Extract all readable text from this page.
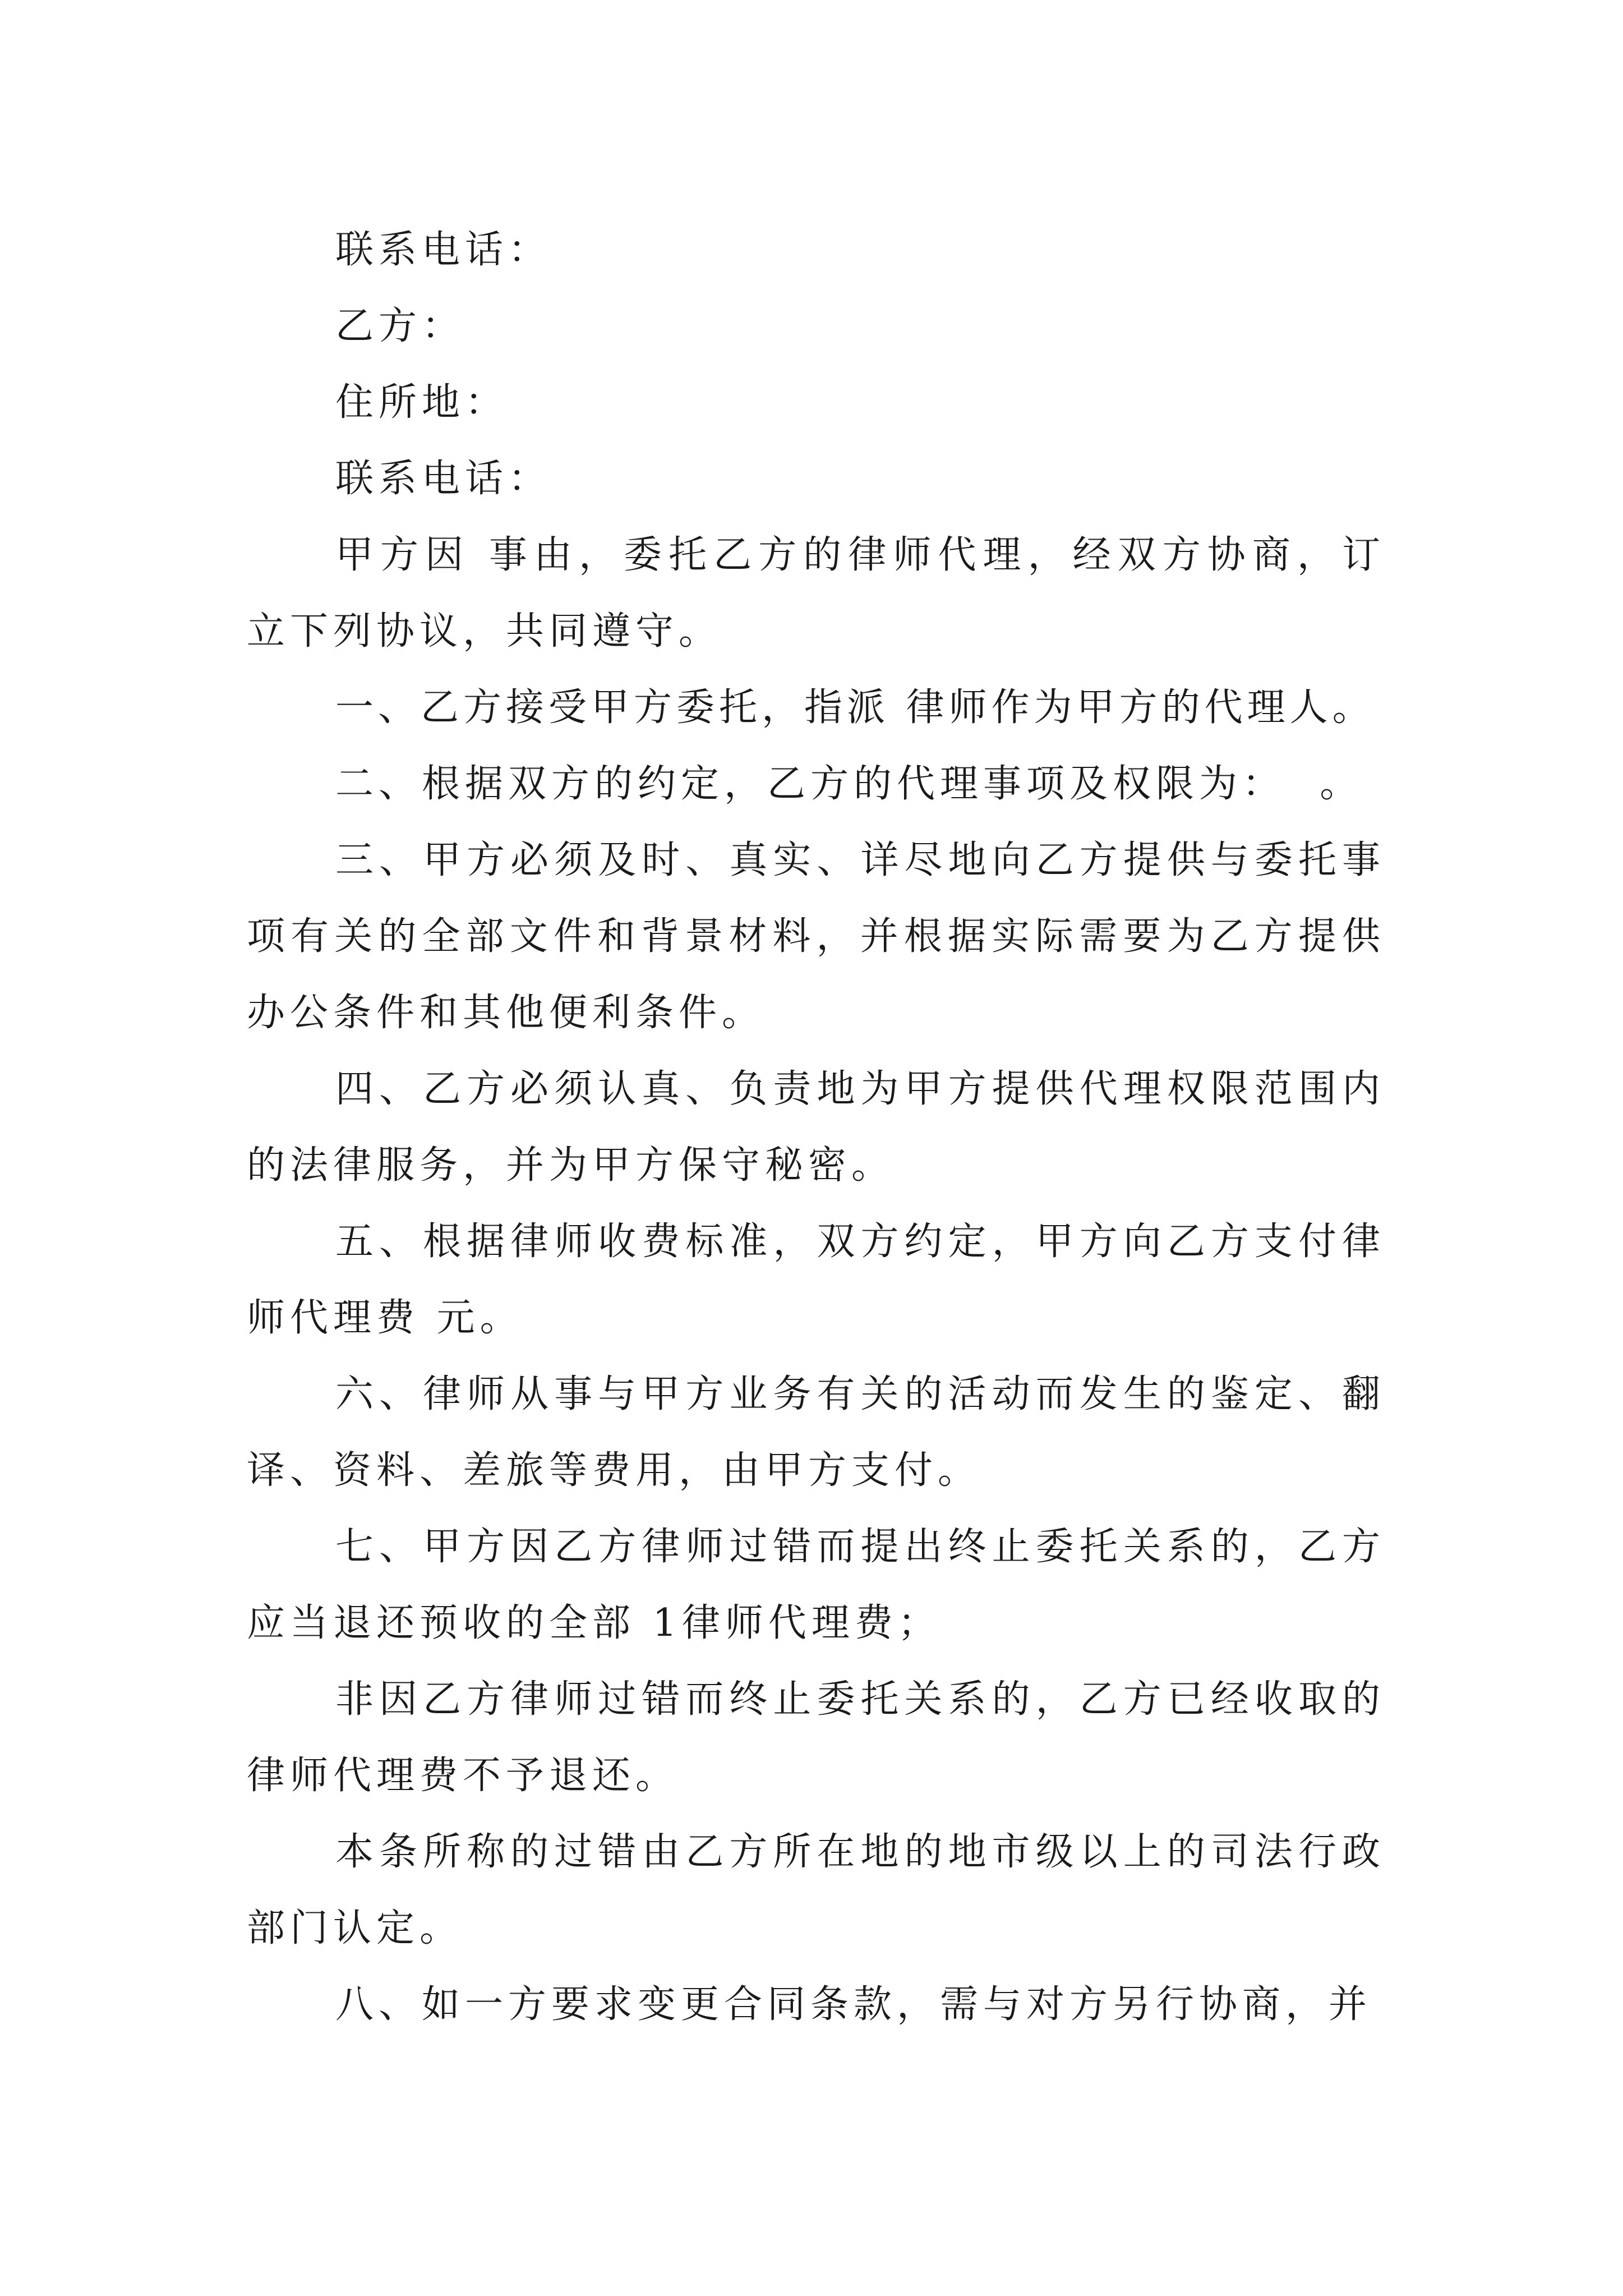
联系电话：

乙方：

住所地：

联系电话：

甲方因 事由，委托乙方的律师代理，经双方协商，订立下列协议，共同遵守。

一、乙方接受甲方委托，指派 律师作为甲方的代理人。

二、根据双方的约定，乙方的代理事项及权限为：  。

三、甲方必须及时、真实、详尽地向乙方提供与委托事项有关的全部文件和背景材料，并根据实际需要为乙方提供办公条件和其他便利条件。

四、乙方必须认真、负责地为甲方提供代理权限范围内的法律服务，并为甲方保守秘密。

五、根据律师收费标准，双方约定，甲方向乙方支付律师代理费 元。

六、律师从事与甲方业务有关的活动而发生的鉴定、翻译、资料、差旅等费用，由甲方支付。

七、甲方因乙方律师过错而提出终止委托关系的，乙方应当退还预收的全部 1律师代理费；

非因乙方律师过错而终止委托关系的，乙方已经收取的律师代理费不予退还。

本条所称的过错由乙方所在地的地市级以上的司法行政部门认定。

八、如一方要求变更合同条款，需与对方另行协商，并
